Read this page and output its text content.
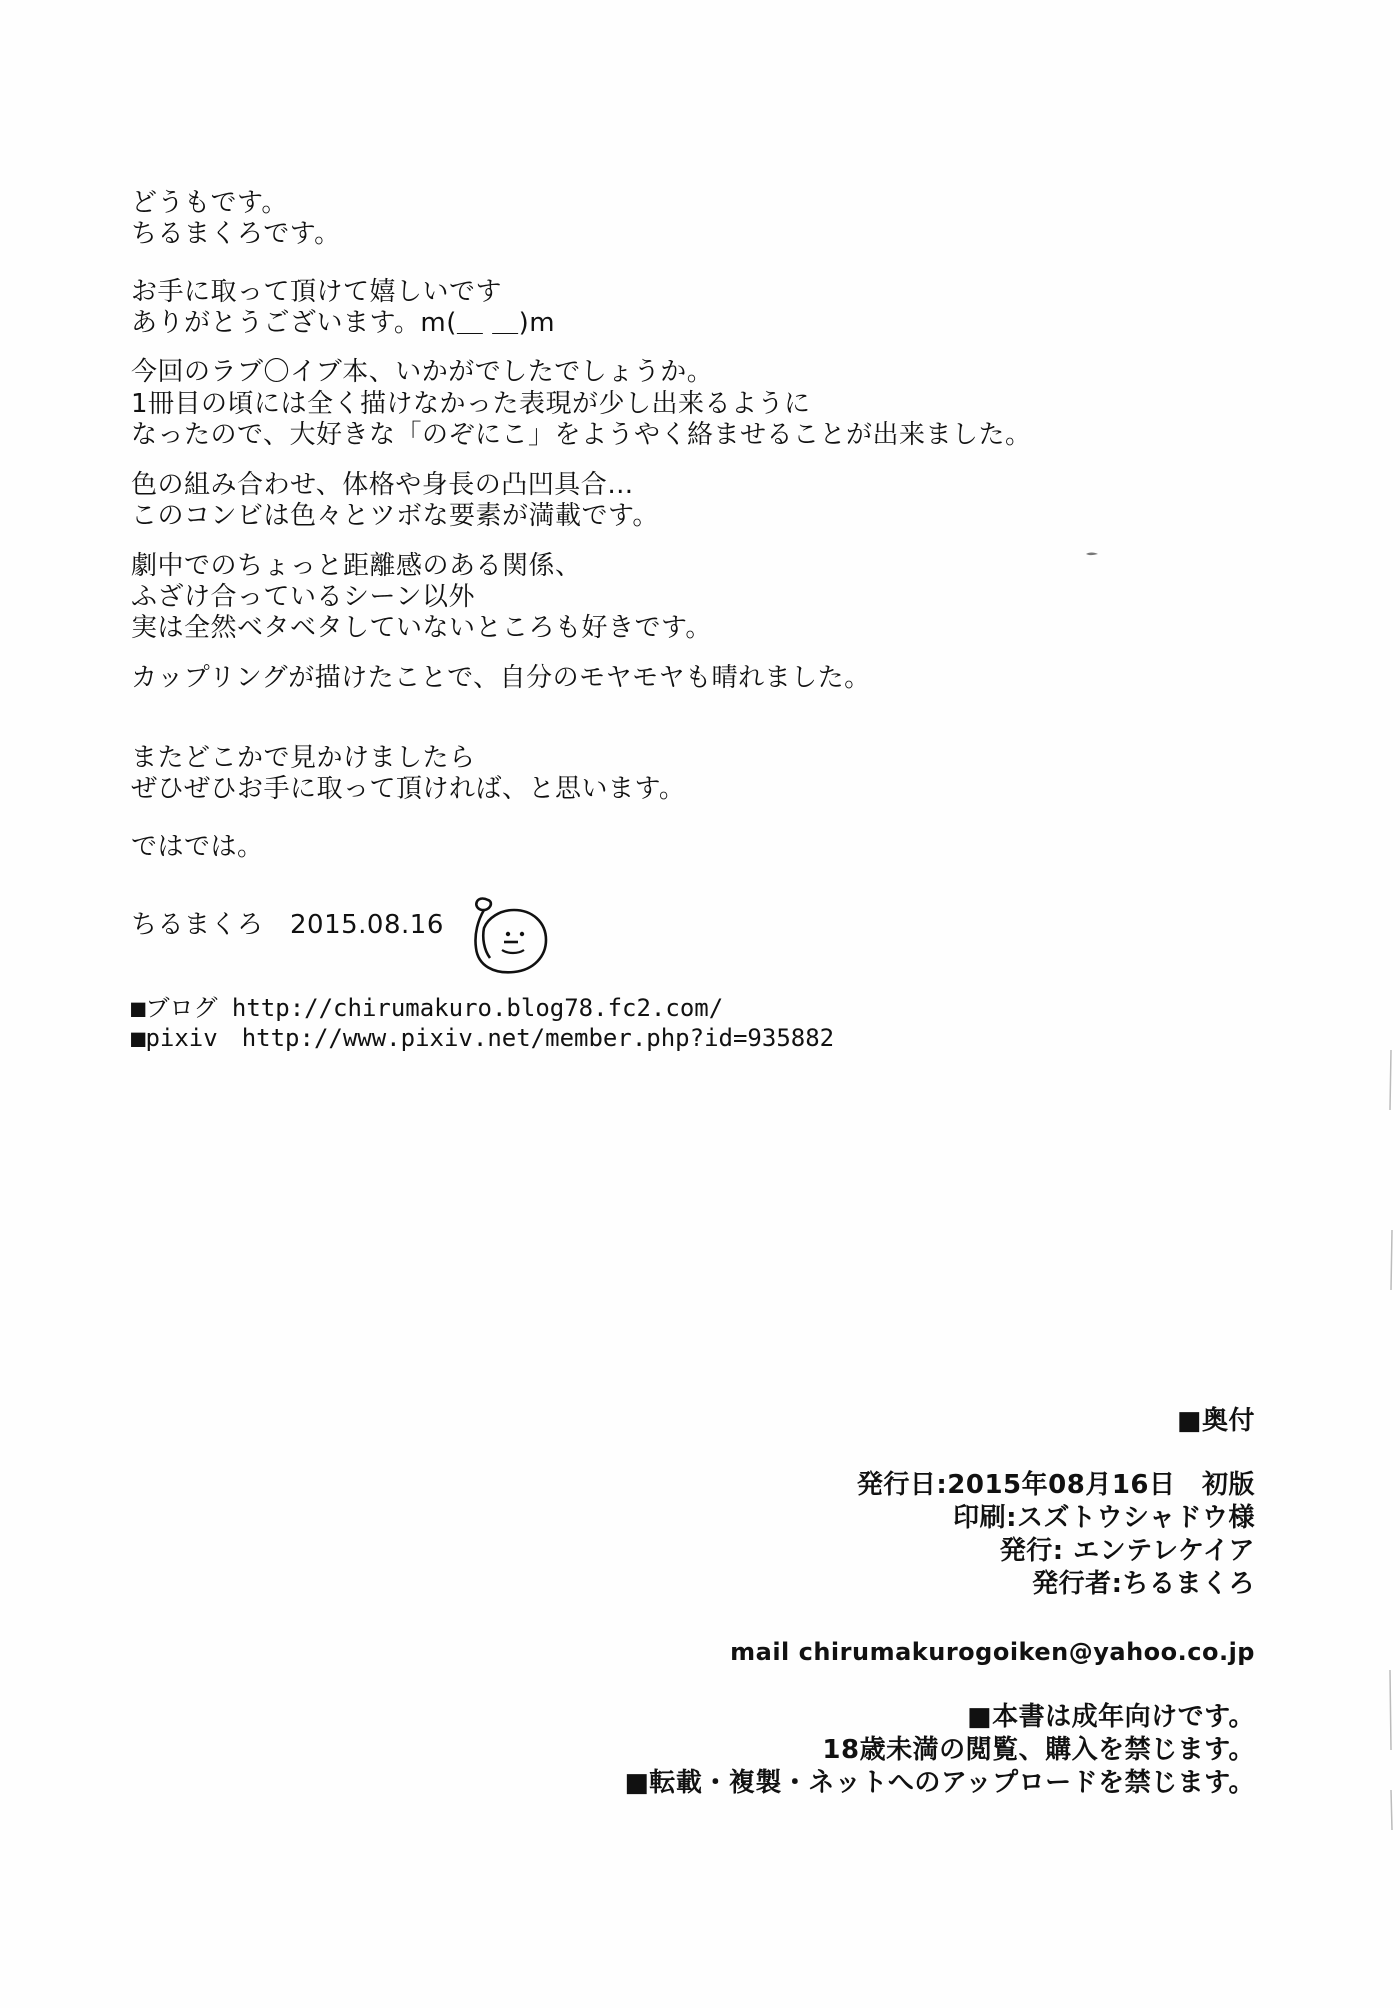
どうもです。
ちるまくろです。
お手に取って頂けて嬉しいです
ありがとうございます。m(＿ ＿)m
今回のラブ〇イブ本、いかがでしたでしょうか。
1冊目の頃には全く描けなかった表現が少し出来るように
なったので、大好きな「のぞにこ」をようやく絡ませることが出来ました。
色の組み合わせ、体格や身長の凸凹具合…
このコンビは色々とツボな要素が満載です。
劇中でのちょっと距離感のある関係、
ふざけ合っているシーン以外
実は全然ベタベタしていないところも好きです。
カップリングが描けたことで、自分のモヤモヤも晴れました。
またどこかで見かけましたら
ぜひぜひお手に取って頂ければ、と思います。
ではでは。
ちるまくろ　2015.08.16
■ブログ http://chirumakuro.blog78.fc2.com/
■pixiv　http://www.pixiv.net/member.php?id=935882
■奥付
発行日:2015年08月16日　初版
印刷:スズトウシャドウ様
発行: エンテレケイア
発行者:ちるまくろ
mail chirumakurogoiken@yahoo.co.jp
■本書は成年向けです。
18歳未満の閲覧、購入を禁じます。
■転載・複製・ネットへのアップロードを禁じます。
